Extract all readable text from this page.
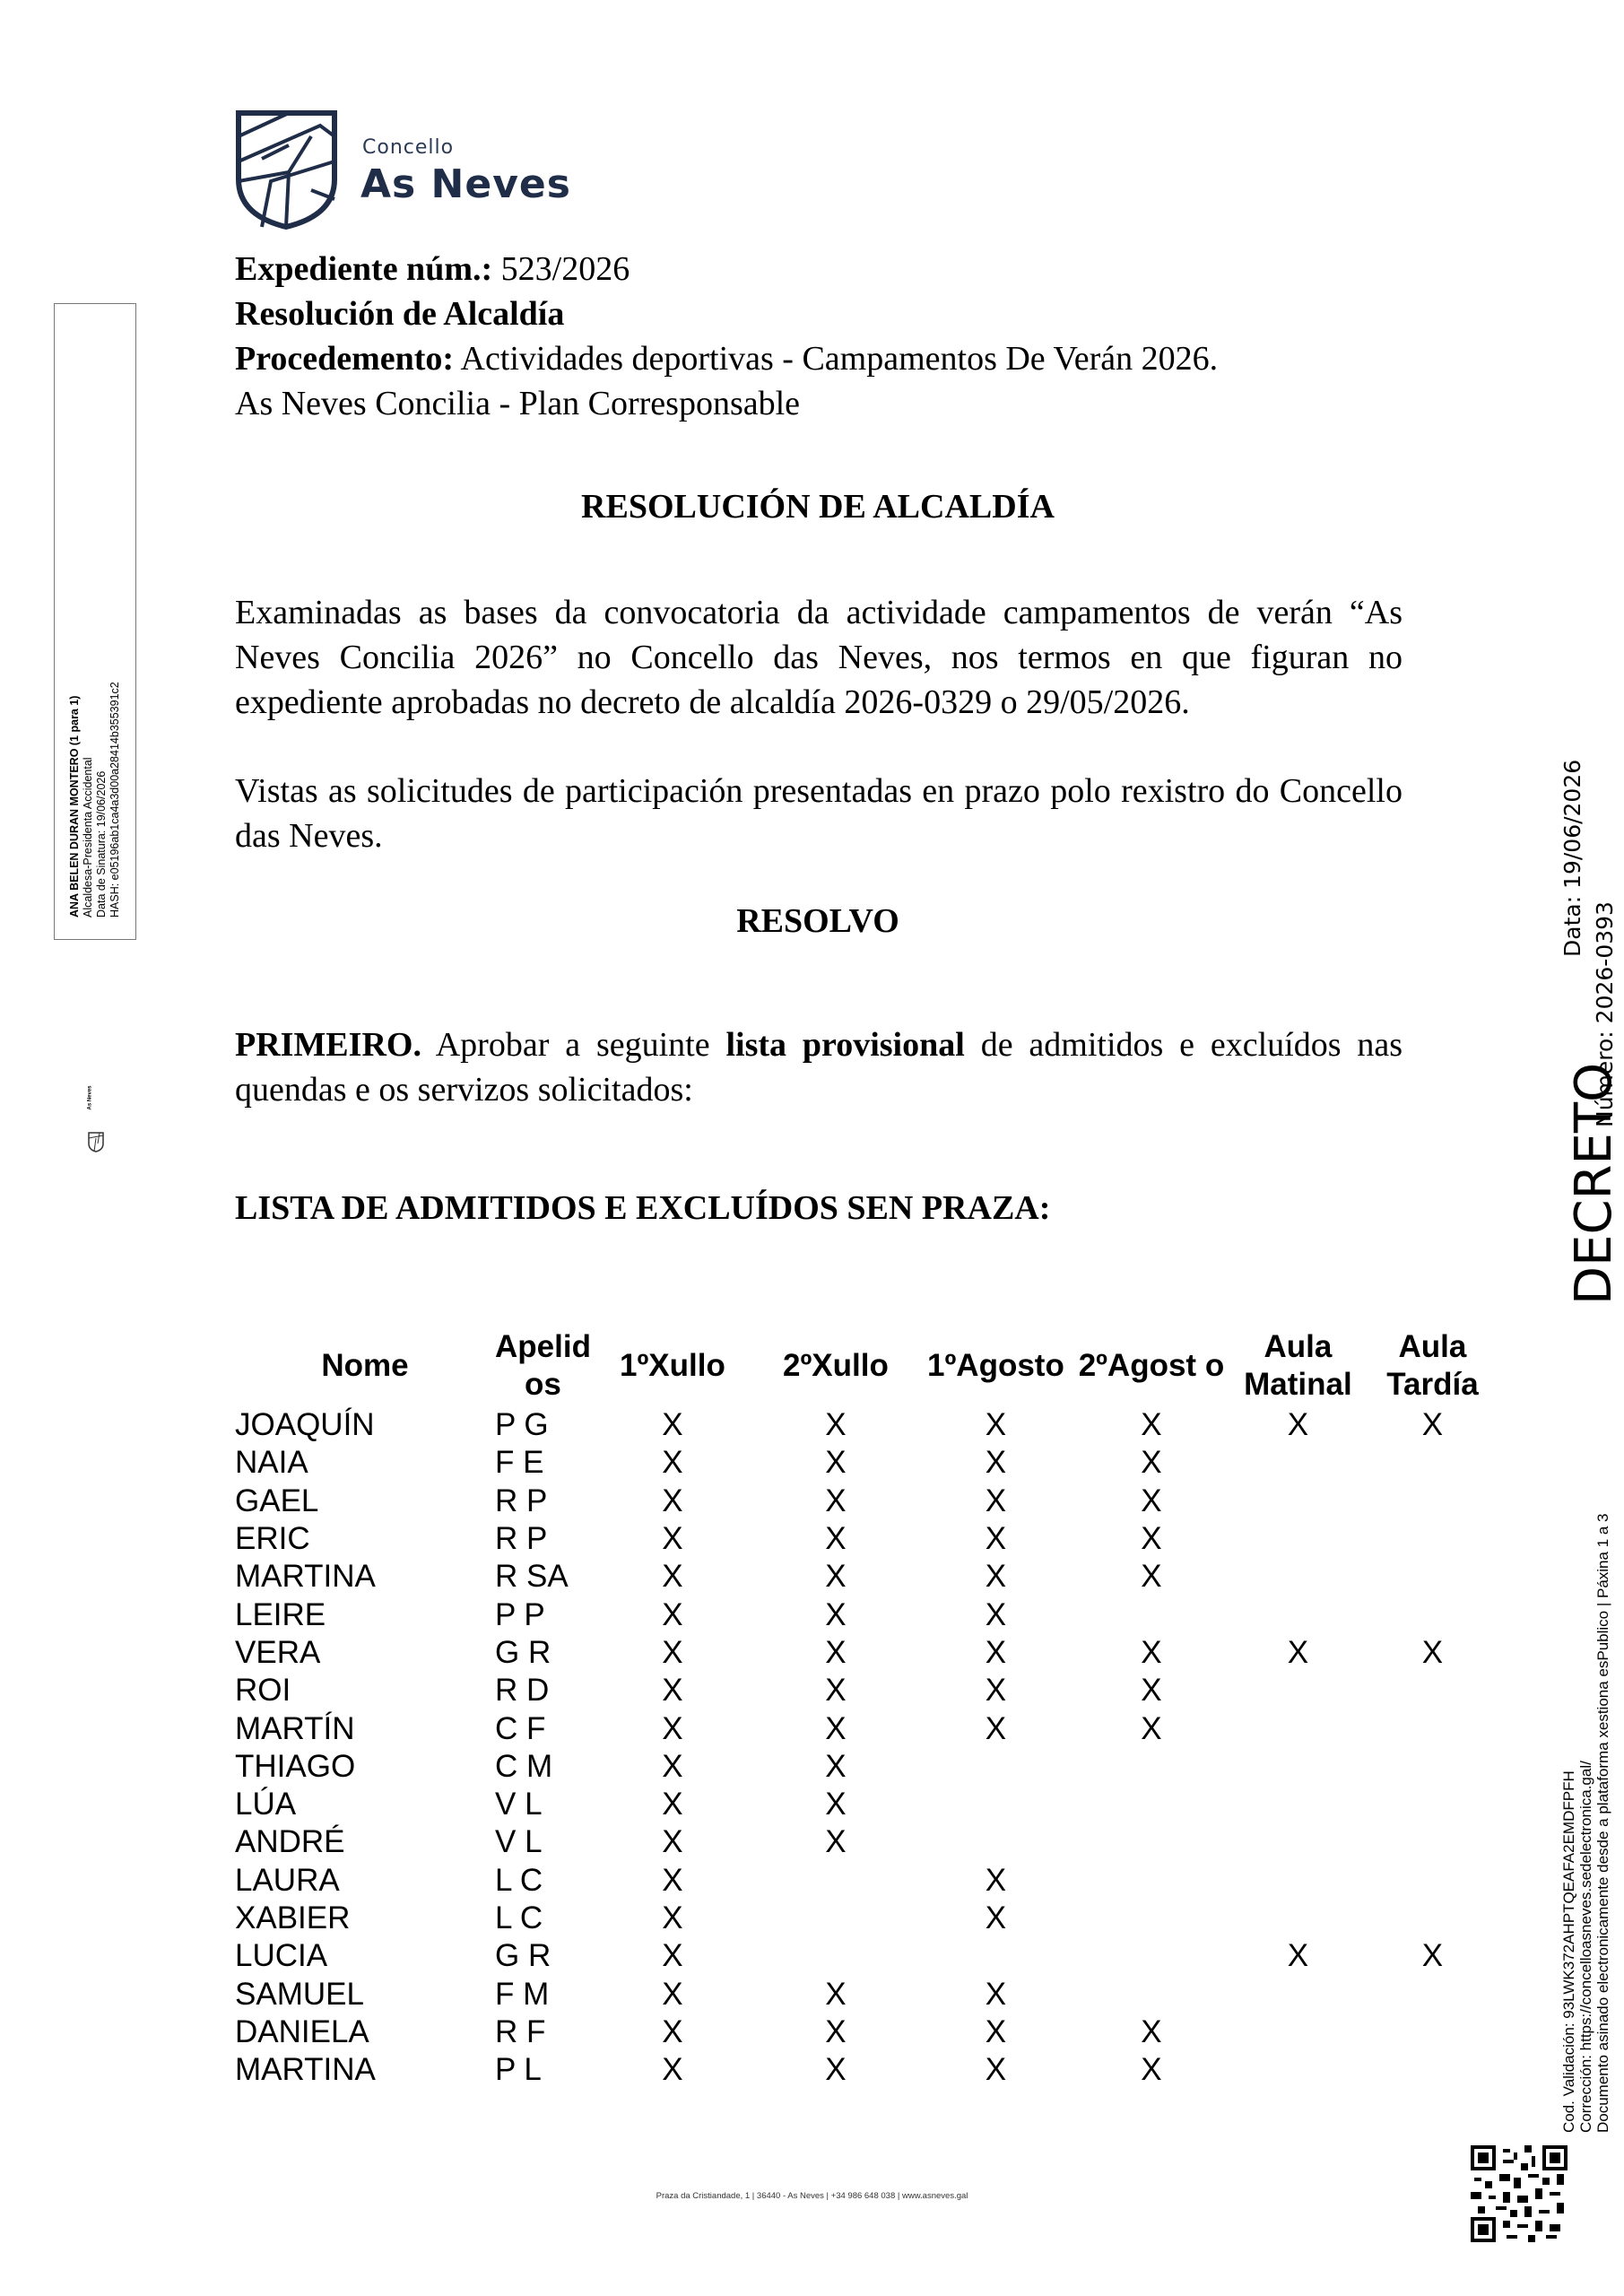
Concello
As Neves
Expediente núm.: 523/2026
Resolución de Alcaldía
Procedemento: Actividades deportivas - Campamentos De Verán 2026.
As Neves Concilia - Plan Corresponsable
RESOLUCIÓN DE ALCALDÍA
Examinadas as bases da convocatoria da actividade campamentos de verán “As Neves Concilia 2026” no Concello das Neves, nos termos en que figuran no expediente aprobadas no decreto de alcaldía 2026-0329 o 29/05/2026.
Vistas as solicitudes de participación presentadas en prazo polo rexistro do Concello das Neves.
RESOLVO
PRIMEIRO. Aprobar a seguinte lista provisional de admitidos e excluídos nas quendas e os servizos solicitados:
LISTA DE ADMITIDOS E EXCLUÍDOS SEN PRAZA:
Nome	Apelid os	1ºXullo	2ºXullo	1ºAgosto	2ºAgost o	Aula Matinal	Aula Tardía
JOAQUÍN	P G	X	X	X	X	X	X
NAIA	F E	X	X	X	X		
GAEL	R P	X	X	X	X		
ERIC	R P	X	X	X	X		
MARTINA	R SA	X	X	X	X		
LEIRE	P P	X	X	X			
VERA	G R	X	X	X	X	X	X
ROI	R D	X	X	X	X		
MARTÍN	C F	X	X	X	X		
THIAGO	C M	X	X				
LÚA	V L	X	X				
ANDRÉ	V L	X	X				
LAURA	L C	X		X			
XABIER	L C	X		X			
LUCIA	G R	X				X	X
SAMUEL	F M	X	X	X			
DANIELA	R F	X	X	X	X		
MARTINA	P L	X	X	X	X		
ANA BELEN DURAN MONTERO (1 para 1) Alcaldesa-Presidenta Accidental Data de Sinatura: 19/06/2026 HASH: e05196ab1ca4a3d00a28414b355391c2
As Neves	DECRETO
Data: 19/06/2026
Número: 2026-0393
Cod. Validación: 93LWK372AHPTQEAFA2EMDFPFH Corrección: https://concelloasneves.sedelectronica.gal/ Documento asinado electronicamente desde a plataforma xestiona esPublico | Páxina 1 a 3
Praza da Cristiandade, 1 | 36440 - As Neves | +34 986 648 038 | www.asneves.gal
